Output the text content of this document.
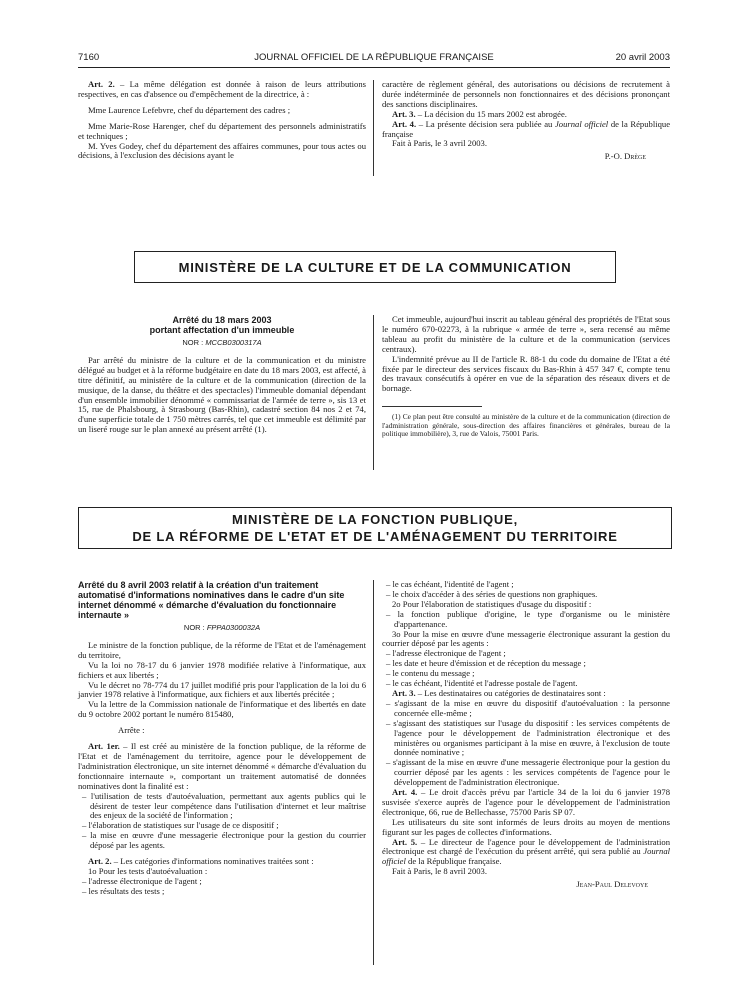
7160	JOURNAL OFFICIEL DE LA RÉPUBLIQUE FRANÇAISE	20 avril 2003

Art. 2. – La même délégation est donnée à raison de leurs attributions respectives, en cas d'absence ou d'empêchement de la directrice, à :

Mme Laurence Lefebvre, chef du département des cadres ;

Mme Marie-Rose Harenger, chef du département des personnels administratifs et techniques ;

M. Yves Godey, chef du département des affaires communes, pour tous actes ou décisions, à l'exclusion des décisions ayant le

caractère de règlement général, des autorisations ou décisions de recrutement à durée indéterminée de personnels non fonctionnaires et des décisions prononçant des sanctions disciplinaires.

Art. 3. – La décision du 15 mars 2002 est abrogée.

Art. 4. – La présente décision sera publiée au Journal officiel de la République française

Fait à Paris, le 3 avril 2003.

P.-O. Drège
MINISTÈRE DE LA CULTURE ET DE LA COMMUNICATION
Arrêté du 18 mars 2003
portant affectation d'un immeuble
NOR : MCCB0300317A

Par arrêté du ministre de la culture et de la communication et du ministre délégué au budget et à la réforme budgétaire en date du 18 mars 2003, est affecté, à titre définitif, au ministère de la culture et de la communication (direction de la musique, de la danse, du théâtre et des spectacles) l'immeuble domanial dépendant d'un ensemble immobilier dénommé « commissariat de l'armée de terre », sis 13 et 15, rue de Phalsbourg, à Strasbourg (Bas-Rhin), cadastré section 84 nos 2 et 74, d'une superficie totale de 1 750 mètres carrés, tel que cet immeuble est délimité par un liseré rouge sur le plan annexé au présent arrêté (1).

Cet immeuble, aujourd'hui inscrit au tableau général des propriétés de l'Etat sous le numéro 670-02273, à la rubrique « armée de terre », sera recensé au même tableau au profit du ministère de la culture et de la communication (services centraux).

L'indemnité prévue au II de l'article R. 88-1 du code du domaine de l'Etat a été fixée par le directeur des services fiscaux du Bas-Rhin à 457 347 €, compte tenu des travaux consécutifs à opérer en vue de la séparation des réseaux divers et de bornage.

(1) Ce plan peut être consulté au ministère de la culture et de la communication (direction de l'administration générale, sous-direction des affaires financières et générales, bureau de la politique immobilière), 3, rue de Valois, 75001 Paris.

MINISTÈRE DE LA FONCTION PUBLIQUE,
DE LA RÉFORME DE L'ETAT ET DE L'AMÉNAGEMENT DU TERRITOIRE
Arrêté du 8 avril 2003 relatif à la création d'un traitement automatisé d'informations nominatives dans le cadre d'un site internet dénommé « démarche d'évaluation du fonctionnaire internaute »
NOR : FPPA0300032A

Le ministre de la fonction publique, de la réforme de l'Etat et de l'aménagement du territoire,

Vu la loi no 78-17 du 6 janvier 1978 modifiée relative à l'informatique, aux fichiers et aux libertés ;

Vu le décret no 78-774 du 17 juillet modifié pris pour l'application de la loi du 6 janvier 1978 relative à l'informatique, aux fichiers et aux libertés précitée ;

Vu la lettre de la Commission nationale de l'informatique et des libertés en date du 9 octobre 2002 portant le numéro 815480,

Arrête :

Art. 1er. – Il est créé au ministère de la fonction publique, de la réforme de l'Etat et de l'aménagement du territoire, agence pour le développement de l'administration électronique, un site internet dénommé « démarche d'évaluation du fonctionnaire internaute », comportant un traitement automatisé de données nominatives dont la finalité est :

– l'utilisation de tests d'autoévaluation, permettant aux agents publics qui le désirent de tester leur compétence dans l'utilisation d'internet et leur maîtrise des enjeux de la société de l'information ;
– l'élaboration de statistiques sur l'usage de ce dispositif ;
– la mise en œuvre d'une messagerie électronique pour la gestion du courrier déposé par les agents.

Art. 2. – Les catégories d'informations nominatives traitées sont :

1o Pour les tests d'autoévaluation :

– l'adresse électronique de l'agent ;
– les résultats des tests ;
– le cas échéant, l'identité de l'agent ;
– le choix d'accéder à des séries de questions non graphiques.

2o Pour l'élaboration de statistiques d'usage du dispositif :

– la fonction publique d'origine, le type d'organisme ou le ministère d'appartenance.

3o Pour la mise en œuvre d'une messagerie électronique assurant la gestion du courrier déposé par les agents :

– l'adresse électronique de l'agent ;
– les date et heure d'émission et de réception du message ;
– le contenu du message ;
– le cas échéant, l'identité et l'adresse postale de l'agent.

Art. 3. – Les destinataires ou catégories de destinataires sont :

– s'agissant de la mise en œuvre du dispositif d'autoévaluation : la personne concernée elle-même ;
– s'agissant des statistiques sur l'usage du dispositif : les services compétents de l'agence pour le développement de l'administration électronique et des ministères ou organismes participant à la mise en œuvre, à l'exclusion de toute donnée nominative ;
– s'agissant de la mise en œuvre d'une messagerie électronique pour la gestion du courrier déposé par les agents : les services compétents de l'agence pour le développement de l'administration électronique.

Art. 4. – Le droit d'accès prévu par l'article 34 de la loi du 6 janvier 1978 susvisée s'exerce auprès de l'agence pour le développement de l'administration électronique, 66, rue de Bellechasse, 75700 Paris SP 07.

Les utilisateurs du site sont informés de leurs droits au moyen de mentions figurant sur les pages de collectes d'informations.

Art. 5. – Le directeur de l'agence pour le développement de l'administration électronique est chargé de l'exécution du présent arrêté, qui sera publié au Journal officiel de la République française.

Fait à Paris, le 8 avril 2003.

Jean-Paul Delevoye
